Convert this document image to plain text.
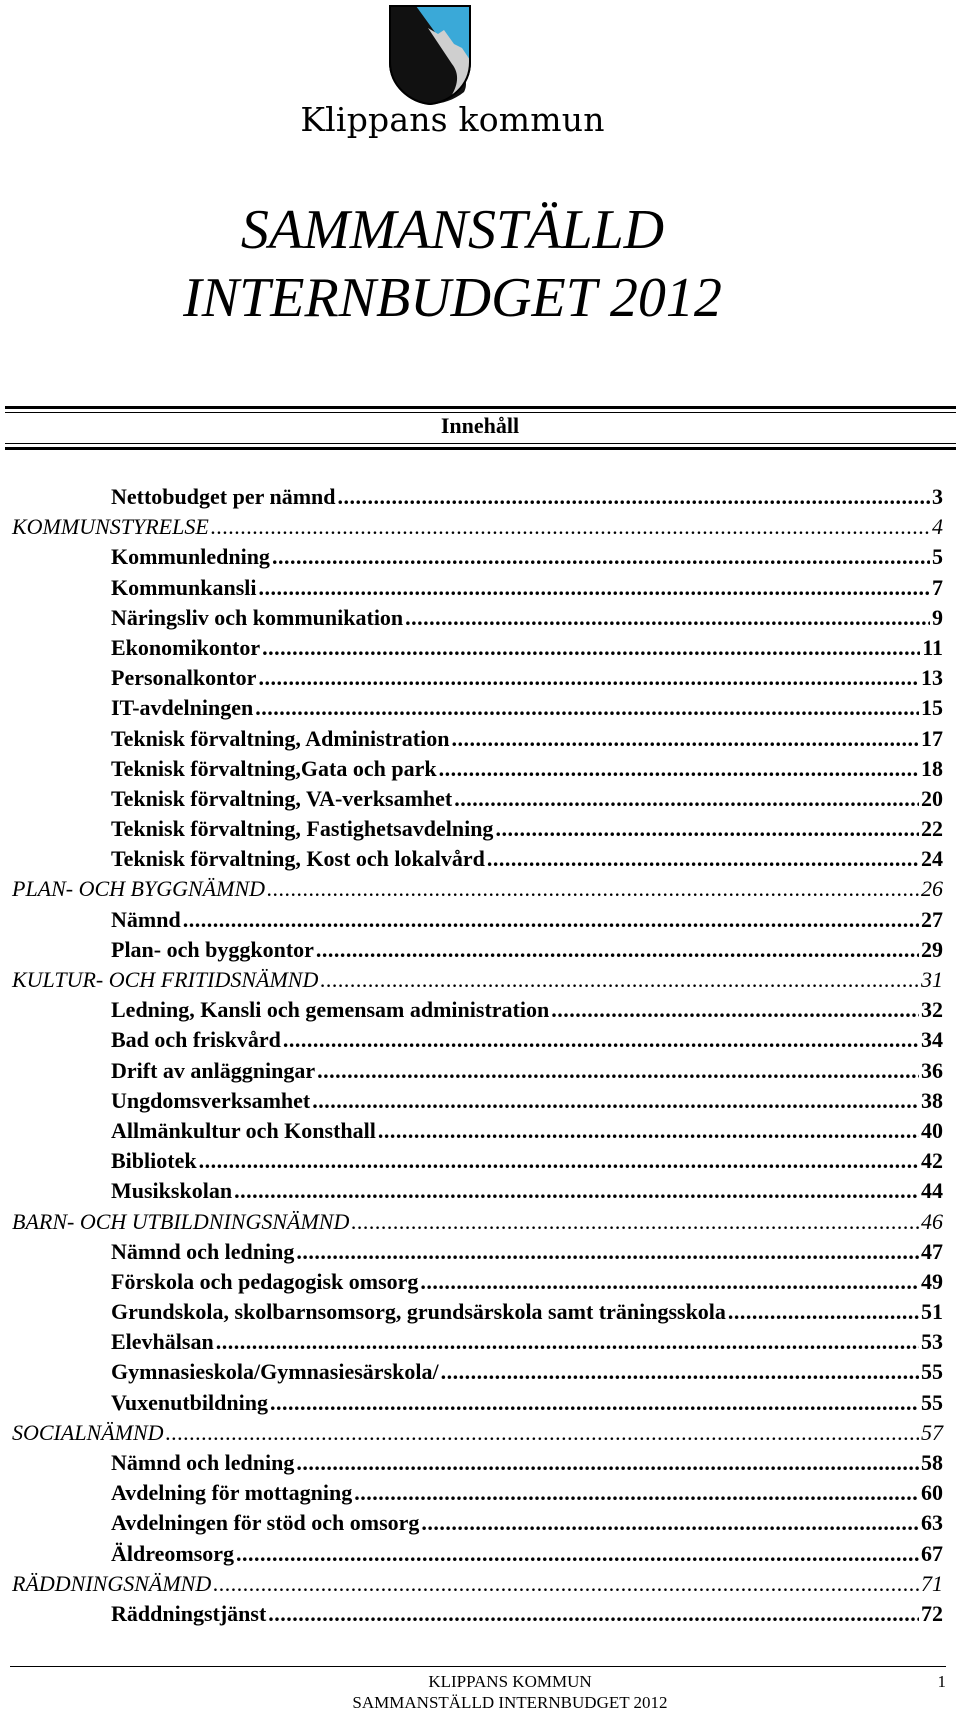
Klippans kommun
SAMMANSTÄLLD
INTERNBUDGET 2012
Innehåll
Nettobudget per nämnd .....	3
KOMMUNSTYRELSE .....	4
Kommunledning .....	5
Kommunkansli .....	7
Näringsliv och kommunikation .....	9
Ekonomikontor .....	11
Personalkontor .....	13
IT-avdelningen .....	15
Teknisk förvaltning, Administration .....	17
Teknisk förvaltning,Gata och park .....	18
Teknisk förvaltning, VA-verksamhet .....	20
Teknisk förvaltning, Fastighetsavdelning .....	22
Teknisk förvaltning, Kost och lokalvård .....	24
PLAN- OCH BYGGNÄMND .....	26
Nämnd .....	27
Plan- och byggkontor .....	29
KULTUR- OCH FRITIDSNÄMND .....	31
Ledning, Kansli och gemensam administration .....	32
Bad och friskvård .....	34
Drift av anläggningar .....	36
Ungdomsverksamhet .....	38
Allmänkultur och Konsthall .....	40
Bibliotek .....	42
Musikskolan .....	44
BARN- OCH UTBILDNINGSNÄMND .....	46
Nämnd och ledning .....	47
Förskola och pedagogisk omsorg .....	49
Grundskola, skolbarnsomsorg, grundsärskola samt träningsskola .....	51
Elevhälsan .....	53
Gymnasieskola/Gymnasiesärskola/ .....	55
Vuxenutbildning .....	55
SOCIALNÄMND .....	57
Nämnd och ledning .....	58
Avdelning för mottagning .....	60
Avdelningen för stöd och omsorg .....	63
Äldreomsorg .....	67
RÄDDNINGSNÄMND .....	71
Räddningstjänst .....	72
KLIPPANS KOMMUN	1
SAMMANSTÄLLD INTERNBUDGET 2012
